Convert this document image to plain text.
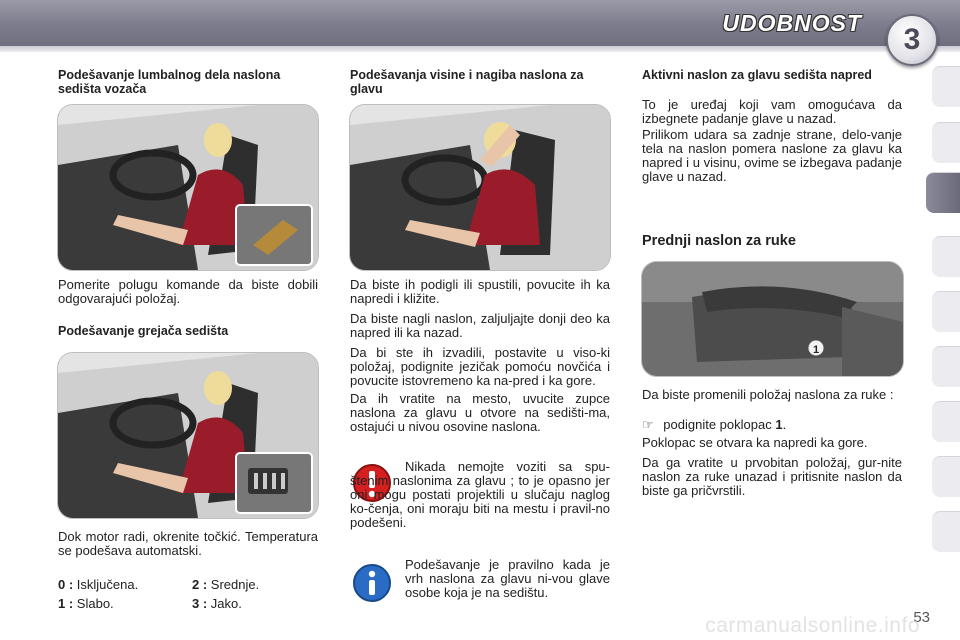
UDOBNOST	3
Podešavanje lumbalnog dela naslona sedišta vozača
Pomerite polugu komande da biste dobili odgovarajući položaj.
Podešavanje grejača sedišta
Dok motor radi, okrenite točkić. Temperatura se podešava automatski.
0 : Isključena.	2 : Srednje.
1 : Slabo.	3 : Jako.
Podešavanja visine i nagiba naslona za glavu
Da biste ih podigli ili spustili, povucite ih ka napredi i kližite.
Da biste nagli naslon, zaljuljajte donji deo ka napred ili ka nazad.
Da bi ste ih izvadili, postavite u viso-ki položaj, podignite jezičak pomoću novčića i povucite istovremeno ka na-pred i ka gore.
Da ih vratite na mesto, uvucite zupce naslona za glavu u otvore na sedišti-ma, ostajući u nivou osovine naslona.
Nikada nemojte voziti sa spu-štenim naslonima za glavu ; to je opasno jer oni mogu postati projektili u slučaju naglog ko-čenja, oni moraju biti na mestu i pravil-no podešeni.
Podešavanje je pravilno kada je vrh naslona za glavu ni-vou glave osobe koja je na sedištu.
Aktivni naslon za glavu sedišta napred
To je uređaj koji vam omogućava da izbegnete padanje glave u nazad.
Prilikom udara sa zadnje strane, delo-vanje tela na naslon pomera naslone za glavu ka napred i u visinu, ovime se izbegava padanje glave u nazad.
Prednji naslon za ruke
1
Da biste promenili položaj naslona za ruke :
☞ podignite poklopac 1.
Poklopac se otvara ka napredi ka gore.
Da ga vratite u prvobitan položaj, gur-nite naslon za ruke unazad i pritisnite naslon da biste ga pričvrstili.
53
carmanualsonline.info
